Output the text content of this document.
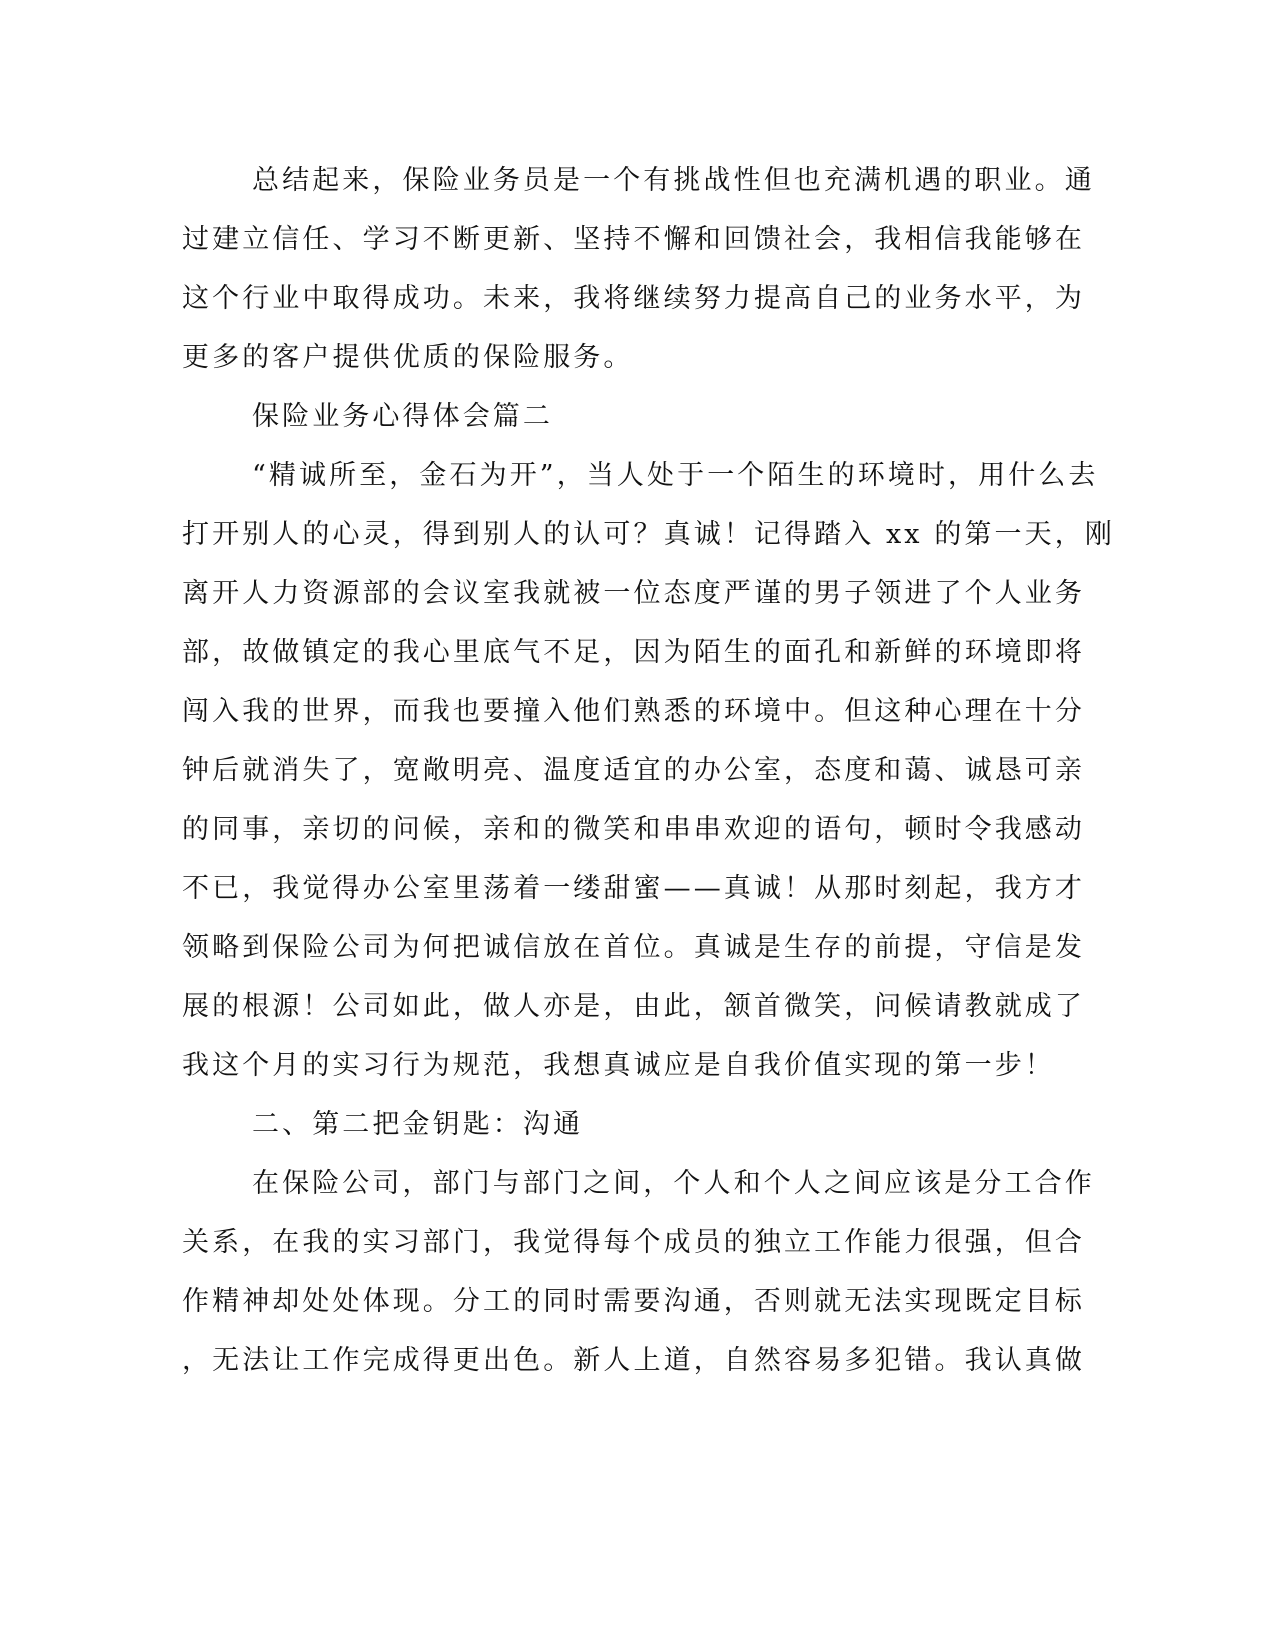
总结起来，保险业务员是一个有挑战性但也充满机遇的职业。通
过建立信任、学习不断更新、坚持不懈和回馈社会，我相信我能够在
这个行业中取得成功。未来，我将继续努力提高自己的业务水平，为
更多的客户提供优质的保险服务。
保险业务心得体会篇二
“精诚所至，金石为开”，当人处于一个陌生的环境时，用什么去
打开别人的心灵，得到别人的认可？真诚！记得踏入 xx 的第一天，刚
离开人力资源部的会议室我就被一位态度严谨的男子领进了个人业务
部，故做镇定的我心里底气不足，因为陌生的面孔和新鲜的环境即将
闯入我的世界，而我也要撞入他们熟悉的环境中。但这种心理在十分
钟后就消失了，宽敞明亮、温度适宜的办公室，态度和蔼、诚恳可亲
的同事，亲切的问候，亲和的微笑和串串欢迎的语句，顿时令我感动
不已，我觉得办公室里荡着一缕甜蜜——真诚！从那时刻起，我方才
领略到保险公司为何把诚信放在首位。真诚是生存的前提，守信是发
展的根源！公司如此，做人亦是，由此，颔首微笑，问候请教就成了
我这个月的实习行为规范，我想真诚应是自我价值实现的第一步！
二、第二把金钥匙：沟通
在保险公司，部门与部门之间，个人和个人之间应该是分工合作
关系，在我的实习部门，我觉得每个成员的独立工作能力很强，但合
作精神却处处体现。分工的同时需要沟通，否则就无法实现既定目标
，无法让工作完成得更出色。新人上道，自然容易多犯错。我认真做
